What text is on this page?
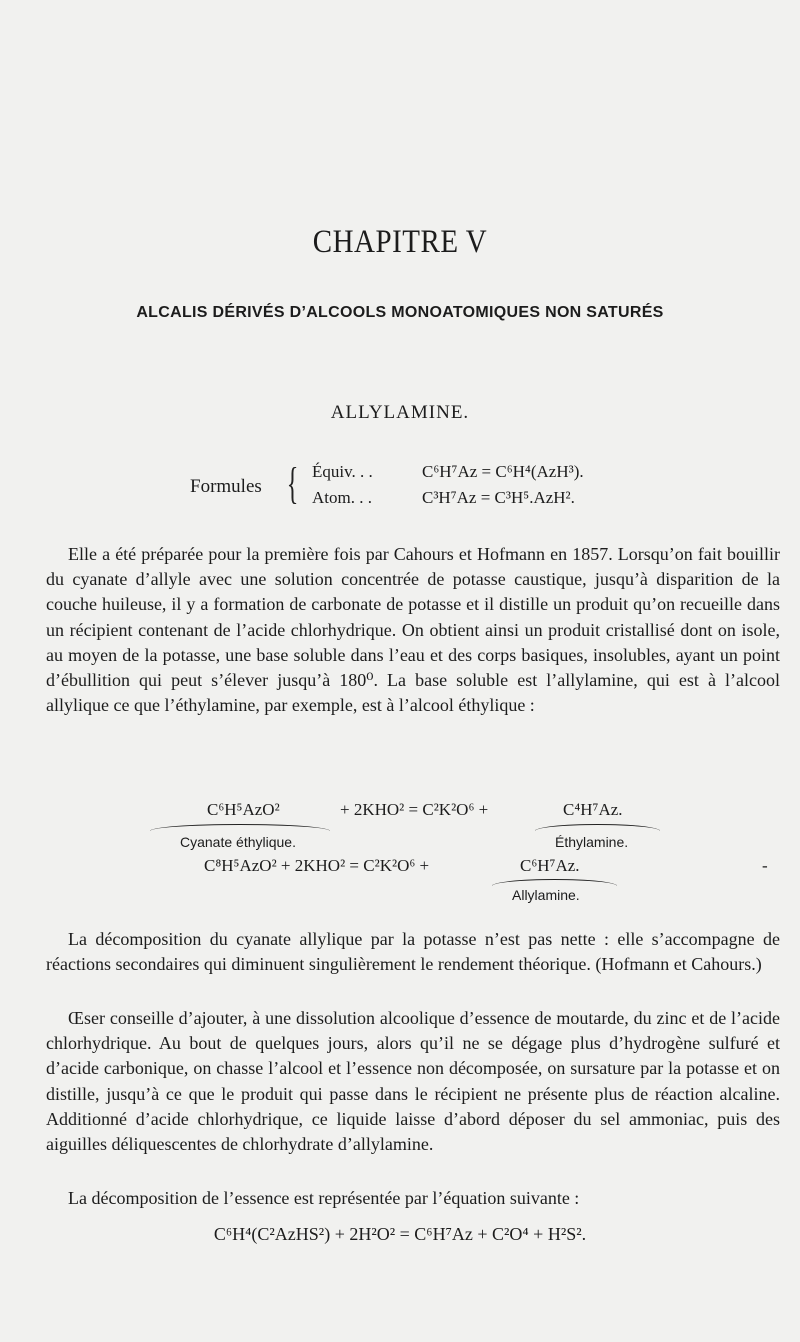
CHAPITRE V
ALCALIS DÉRIVÉS D’ALCOOLS MONOATOMIQUES NON SATURÉS
ALLYLAMINE.
Formules { Équiv. . .	C⁶H⁷Az = C⁶H⁴(AzH³).
Atom. . .	C³H⁷Az = C³H⁵.AzH².
Elle a été préparée pour la première fois par Cahours et Hofmann en 1857. Lorsqu’on fait bouillir du cyanate d’allyle avec une solution concentrée de potasse caustique, jusqu’à disparition de la couche huileuse, il y a formation de carbonate de potasse et il distille un produit qu’on recueille dans un récipient contenant de l’acide chlorhydrique. On obtient ainsi un produit cristallisé dont on isole, au moyen de la potasse, une base soluble dans l’eau et des corps basiques, insolubles, ayant un point d’ébullition qui peut s’élever jusqu’à 180⁰. La base soluble est l’allylamine, qui est à l’alcool allylique ce que l’éthylamine, par exemple, est à l’alcool éthylique :
C⁶H⁵AzO²	+ 2KHO² = C²K²O⁶ +	C⁴H⁷Az.
Cyanate éthylique.	Éthylamine.
C⁸H⁵AzO² + 2KHO² = C²K²O⁶ +	C⁶H⁷Az.
Allylamine.
-
La décomposition du cyanate allylique par la potasse n’est pas nette : elle s’accompagne de réactions secondaires qui diminuent singulièrement le rendement théorique. (Hofmann et Cahours.)
Œser conseille d’ajouter, à une dissolution alcoolique d’essence de moutarde, du zinc et de l’acide chlorhydrique. Au bout de quelques jours, alors qu’il ne se dégage plus d’hydrogène sulfuré et d’acide carbonique, on chasse l’alcool et l’essence non décomposée, on sursature par la potasse et on distille, jusqu’à ce que le produit qui passe dans le récipient ne présente plus de réaction alcaline. Additionné d’acide chlorhydrique, ce liquide laisse d’abord déposer du sel ammoniac, puis des aiguilles déliquescentes de chlorhydrate d’allylamine.
La décomposition de l’essence est représentée par l’équation suivante :
C⁶H⁴(C²AzHS²) + 2H²O² = C⁶H⁷Az + C²O⁴ + H²S².
